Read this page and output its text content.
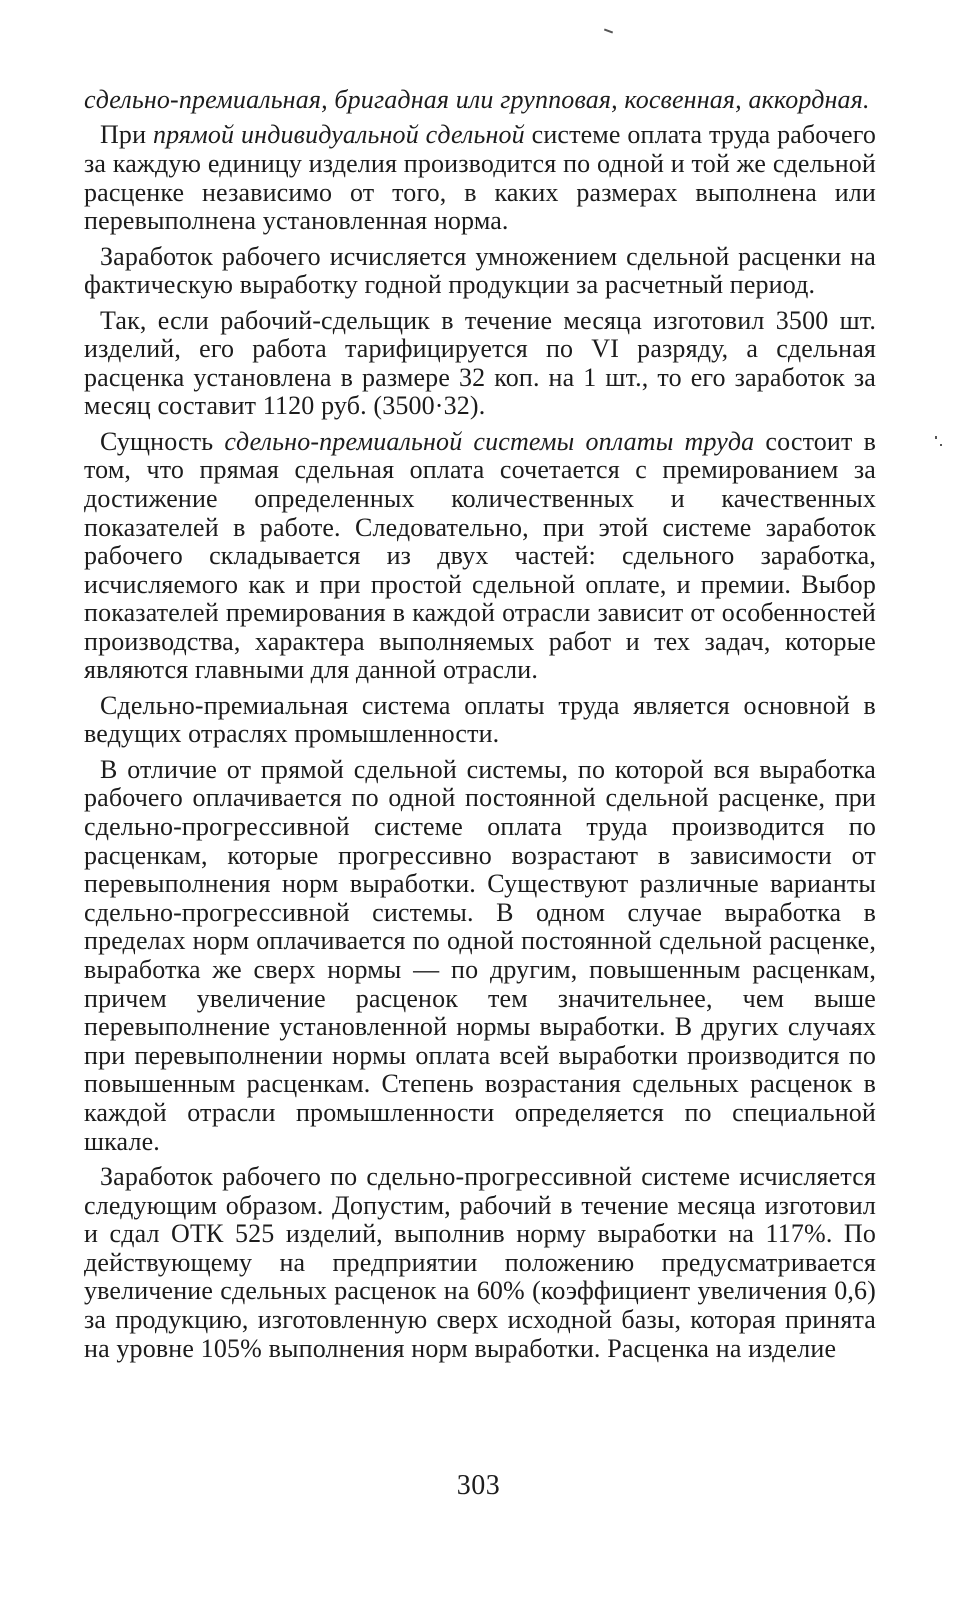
сдельно-премиальная, бригадная или групповая, косвенная, аккордная.

При прямой индивидуальной сдельной системе оплата труда рабочего за каждую единицу изделия производится по одной и той же сдельной расценке независимо от того, в каких размерах выполнена или перевыполнена установленная норма.

Заработок рабочего исчисляется умножением сдельной расценки на фактическую выработку годной продукции за расчетный период.

Так, если рабочий-сдельщик в течение месяца изготовил 3500 шт. изделий, его работа тарифицируется по VI разряду, а сдельная расценка установлена в размере 32 коп. на 1 шт., то его заработок за месяц составит 1120 руб. (3500·32).

Сущность сдельно-премиальной системы оплаты труда состоит в том, что прямая сдельная оплата сочетается с премированием за достижение определенных количественных и качественных показателей в работе. Следовательно, при этой системе заработок рабочего складывается из двух частей: сдельного заработка, исчисляемого как и при простой сдельной оплате, и премии. Выбор показателей премирования в каждой отрасли зависит от особенностей производства, характера выполняемых работ и тех задач, которые являются главными для данной отрасли.

Сдельно-премиальная система оплаты труда является основной в ведущих отраслях промышленности.

В отличие от прямой сдельной системы, по которой вся выработка рабочего оплачивается по одной постоянной сдельной расценке, при сдельно-прогрессивной системе оплата труда производится по расценкам, которые прогрессивно возрастают в зависимости от перевыполнения норм выработки. Существуют различные варианты сдельно-прогрессивной системы. В одном случае выработка в пределах норм оплачивается по одной постоянной сдельной расценке, выработка же сверх нормы — по другим, повышенным расценкам, причем увеличение расценок тем значительнее, чем выше перевыполнение установленной нормы выработки. В других случаях при перевыполнении нормы оплата всей выработки производится по повышенным расценкам. Степень возрастания сдельных расценок в каждой отрасли промышленности определяется по специальной шкале.

Заработок рабочего по сдельно-прогрессивной системе исчисляется следующим образом. Допустим, рабочий в течение месяца изготовил и сдал ОТК 525 изделий, выполнив норму выработки на 117%. По действующему на предприятии положению предусматривается увеличение сдельных расценок на 60% (коэффициент увеличения 0,6) за продукцию, изготовленную сверх исходной базы, которая принята на уровне 105% выполнения норм выработки. Расценка на изделие

303
